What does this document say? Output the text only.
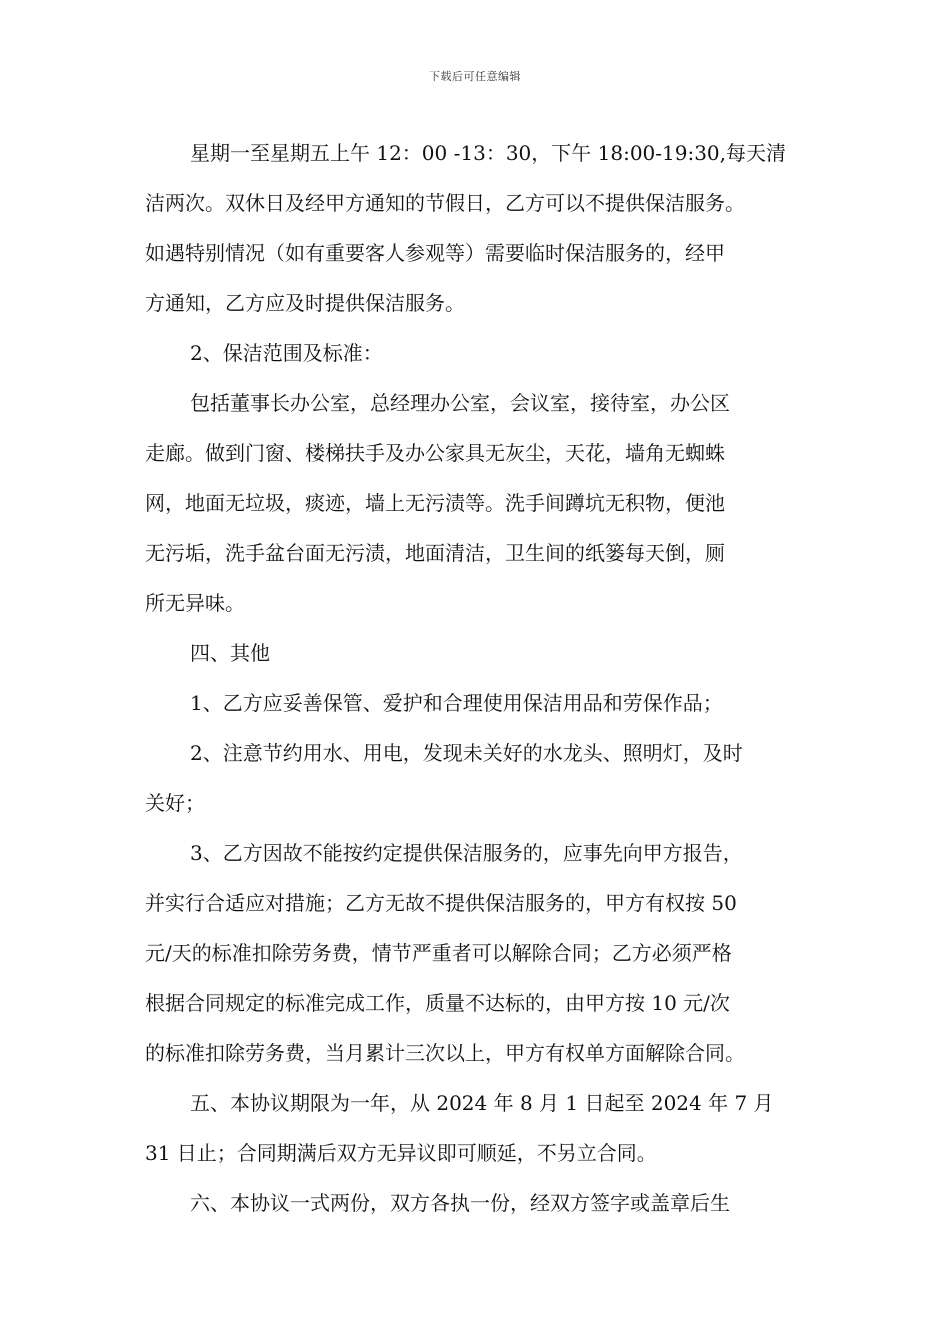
下载后可任意编辑
星期一至星期五上午 12：00 -13：30，下午 18:00-19:30,每天清
洁两次。双休日及经甲方通知的节假日，乙方可以不提供保洁服务。
如遇特别情况（如有重要客人参观等）需要临时保洁服务的，经甲
方通知，乙方应及时提供保洁服务。
2、保洁范围及标准：
包括董事长办公室，总经理办公室，会议室，接待室，办公区
走廊。做到门窗、楼梯扶手及办公家具无灰尘，天花，墙角无蜘蛛
网，地面无垃圾，痰迹，墙上无污渍等。洗手间蹲坑无积物，便池
无污垢，洗手盆台面无污渍，地面清洁，卫生间的纸篓每天倒，厕
所无异味。
四、其他
1、乙方应妥善保管、爱护和合理使用保洁用品和劳保作品；
2、注意节约用水、用电，发现未关好的水龙头、照明灯，及时
关好；
3、乙方因故不能按约定提供保洁服务的，应事先向甲方报告，
并实行合适应对措施；乙方无故不提供保洁服务的，甲方有权按 50
元/天的标准扣除劳务费，情节严重者可以解除合同；乙方必须严格
根据合同规定的标准完成工作，质量不达标的，由甲方按 10 元/次
的标准扣除劳务费，当月累计三次以上，甲方有权单方面解除合同。
五、本协议期限为一年，从 2024 年 8 月 1 日起至 2024 年 7 月
31 日止；合同期满后双方无异议即可顺延，不另立合同。
六、本协议一式两份，双方各执一份，经双方签字或盖章后生
